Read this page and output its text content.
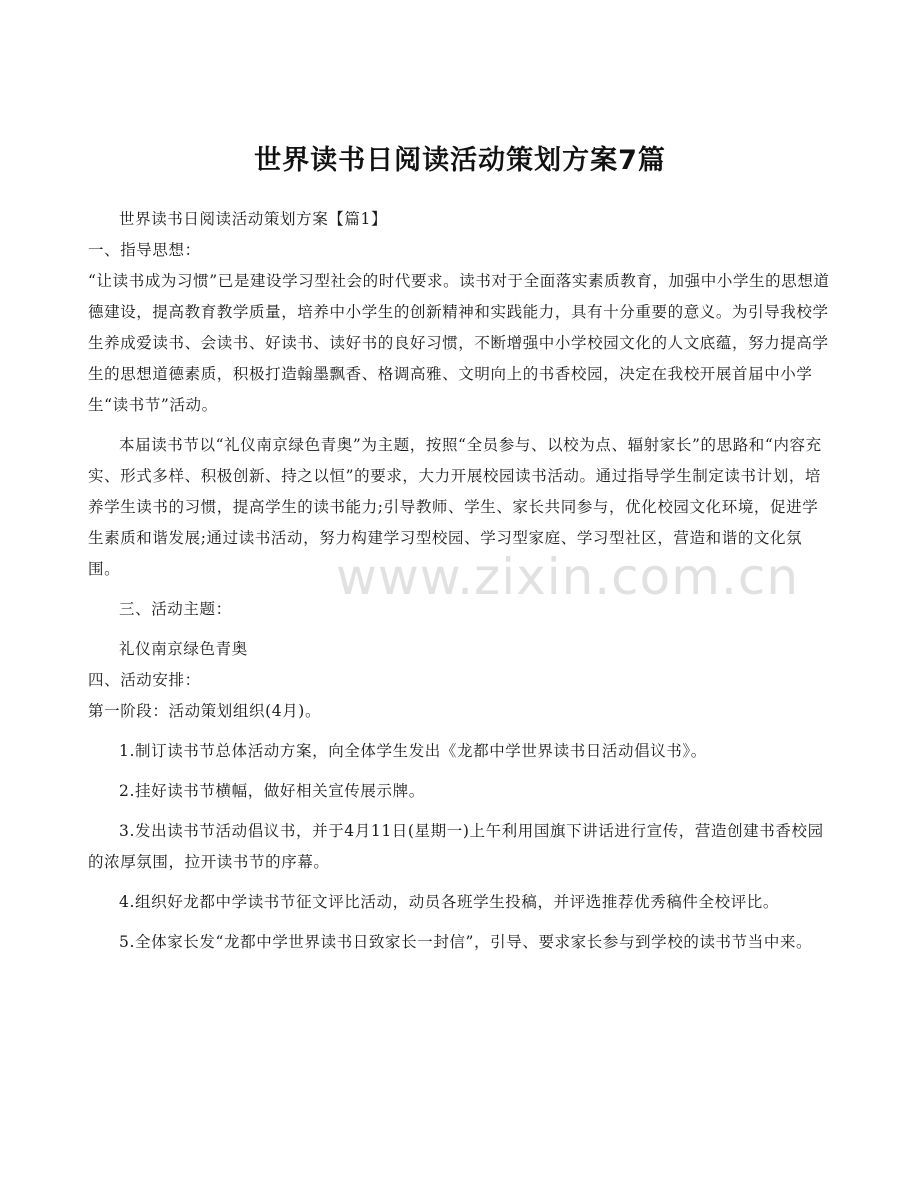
世界读书日阅读活动策划方案7篇

世界读书日阅读活动策划方案【篇1】

一、指导思想：

“让读书成为习惯”已是建设学习型社会的时代要求。读书对于全面落实素质教育，加强中小学生的思想道德建设，提高教育教学质量，培养中小学生的创新精神和实践能力，具有十分重要的意义。为引导我校学生养成爱读书、会读书、好读书、读好书的良好习惯，不断增强中小学校园文化的人文底蕴，努力提高学生的思想道德素质，积极打造翰墨飘香、格调高雅、文明向上的书香校园，决定在我校开展首届中小学生“读书节”活动。

本届读书节以“礼仪南京绿色青奥”为主题，按照“全员参与、以校为点、辐射家长”的思路和“内容充实、形式多样、积极创新、持之以恒”的要求，大力开展校园读书活动。通过指导学生制定读书计划，培养学生读书的习惯，提高学生的读书能力;引导教师、学生、家长共同参与，优化校园文化环境，促进学生素质和谐发展;通过读书活动，努力构建学习型校园、学习型家庭、学习型社区，营造和谐的文化氛围。

三、活动主题：

礼仪南京绿色青奥

四、活动安排：

第一阶段：活动策划组织(4月)。

1.制订读书节总体活动方案，向全体学生发出《龙都中学世界读书日活动倡议书》。

2.挂好读书节横幅，做好相关宣传展示牌。

3.发出读书节活动倡议书，并于4月11日(星期一)上午利用国旗下讲话进行宣传，营造创建书香校园的浓厚氛围，拉开读书节的序幕。

4.组织好龙都中学读书节征文评比活动，动员各班学生投稿，并评选推荐优秀稿件全校评比。

5.全体家长发“龙都中学世界读书日致家长一封信”，引导、要求家长参与到学校的读书节当中来。

www.zixin.com.cn
